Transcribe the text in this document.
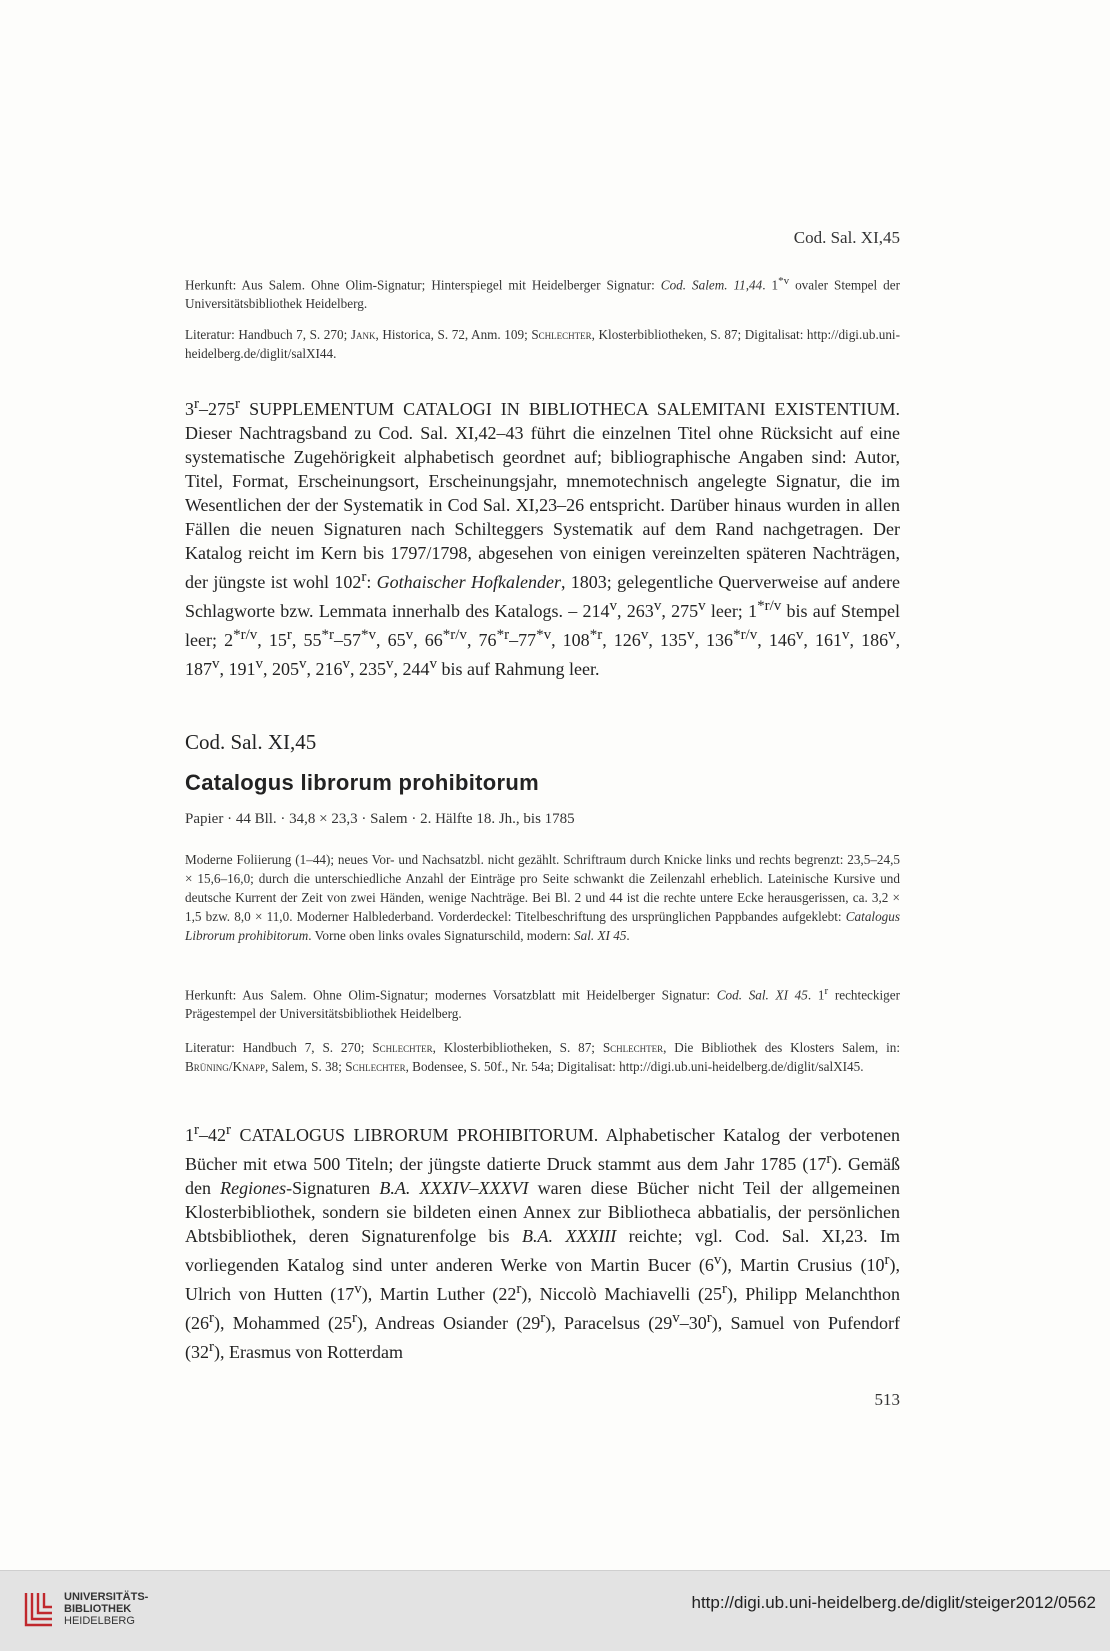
Cod. Sal. XI,45

Herkunft: Aus Salem. Ohne Olim-Signatur; Hinterspiegel mit Heidelberger Signatur: Cod. Salem. 11,44. 1$^{*v}$ ovaler Stempel der Universitätsbibliothek Heidelberg.

Literatur: Handbuch 7, S. 270; Jank, Historica, S. 72, Anm. 109; Schlechter, Klosterbibliotheken, S. 87; Digitalisat: http://digi.ub.uni-heidelberg.de/diglit/salXI44.

3$^r$–275$^r$ SUPPLEMENTUM CATALOGI IN BIBLIOTHECA SALEMITANI EXISTENTIUM. Dieser Nachtragsband zu Cod. Sal. XI,42–43 führt die einzelnen Titel ohne Rücksicht auf eine systematische Zugehörigkeit alphabetisch geordnet auf; bibliographische Angaben sind: Autor, Titel, Format, Erscheinungsort, Erscheinungsjahr, mnemotechnisch angelegte Signatur, die im Wesentlichen der der Systematik in Cod Sal. XI,23–26 entspricht. Darüber hinaus wurden in allen Fällen die neuen Signaturen nach Schilteggers Systematik auf dem Rand nachgetragen. Der Katalog reicht im Kern bis 1797/1798, abgesehen von einigen vereinzelten späteren Nachträgen, der jüngste ist wohl 102$^r$: Gothaischer Hofkalender, 1803; gelegentliche Querverweise auf andere Schlagworte bzw. Lemmata innerhalb des Katalogs. – 214$^v$, 263$^v$, 275$^v$ leer; $1^{*r/v}$ bis auf Stempel leer; $2^{*r/v}$, 15$^r$, 55$^{*r}$–57$^{*v}$, 65$^v$, $66^{*r/v}$, 76$^{*r}$–77$^{*v}$, 108$^{*r}$, 126$^v$, 135$^v$, $136^{*r/v}$, 146$^v$, 161$^v$, 186$^v$, 187$^v$, 191$^v$, 205$^v$, 216$^v$, 235$^v$, 244$^v$ bis auf Rahmung leer.

Cod. Sal. XI,45

Catalogus librorum prohibitorum

Papier · 44 Bll. · 34,8 × 23,3 · Salem · 2. Hälfte 18. Jh., bis 1785

Moderne Foliierung (1–44); neues Vor- und Nachsatzbl. nicht gezählt. Schriftraum durch Knicke links und rechts begrenzt: 23,5–24,5 × 15,6–16,0; durch die unterschiedliche Anzahl der Einträge pro Seite schwankt die Zeilenzahl erheblich. Lateinische Kursive und deutsche Kurrent der Zeit von zwei Händen, wenige Nachträge. Bei Bl. 2 und 44 ist die rechte untere Ecke herausgerissen, ca. 3,2 × 1,5 bzw. 8,0 × 11,0. Moderner Halblederband. Vorderdeckel: Titelbeschriftung des ursprünglichen Pappbandes aufgeklebt: Catalogus Librorum prohibitorum. Vorne oben links ovales Signaturschild, modern: Sal. XI 45.

Herkunft: Aus Salem. Ohne Olim-Signatur; modernes Vorsatzblatt mit Heidelberger Signatur: Cod. Sal. XI 45. 1$^r$ rechteckiger Prägestempel der Universitätsbibliothek Heidelberg.

Literatur: Handbuch 7, S. 270; Schlechter, Klosterbibliotheken, S. 87; Schlechter, Die Bibliothek des Klosters Salem, in: Brüning/Knapp, Salem, S. 38; Schlechter, Bodensee, S. 50f., Nr. 54a; Digitalisat: http://digi.ub.uni-heidelberg.de/diglit/salXI45.

1$^r$–42$^r$ CATALOGUS LIBRORUM PROHIBITORUM. Alphabetischer Katalog der verbotenen Bücher mit etwa 500 Titeln; der jüngste datierte Druck stammt aus dem Jahr 1785 (17$^r$). Gemäß den Regiones-Signaturen B.A. XXXIV–XXXVI waren diese Bücher nicht Teil der allgemeinen Klosterbibliothek, sondern sie bildeten einen Annex zur Bibliotheca abbatialis, der persönlichen Abtsbibliothek, deren Signaturenfolge bis B.A. XXXIII reichte; vgl. Cod. Sal. XI,23. Im vorliegenden Katalog sind unter anderen Werke von Martin Bucer (6$^v$), Martin Crusius (10$^r$), Ulrich von Hutten (17$^v$), Martin Luther (22$^r$), Niccolò Machiavelli (25$^r$), Philipp Melanchthon (26$^r$), Mohammed (25$^r$), Andreas Osiander (29$^r$), Paracelsus (29$^v$–30$^r$), Samuel von Pufendorf (32$^r$), Erasmus von Rotterdam

513
UNIVERSITÄTS-
BIBLIOTHEK
HEIDELBERG
http://digi.ub.uni-heidelberg.de/diglit/steiger2012/0562
